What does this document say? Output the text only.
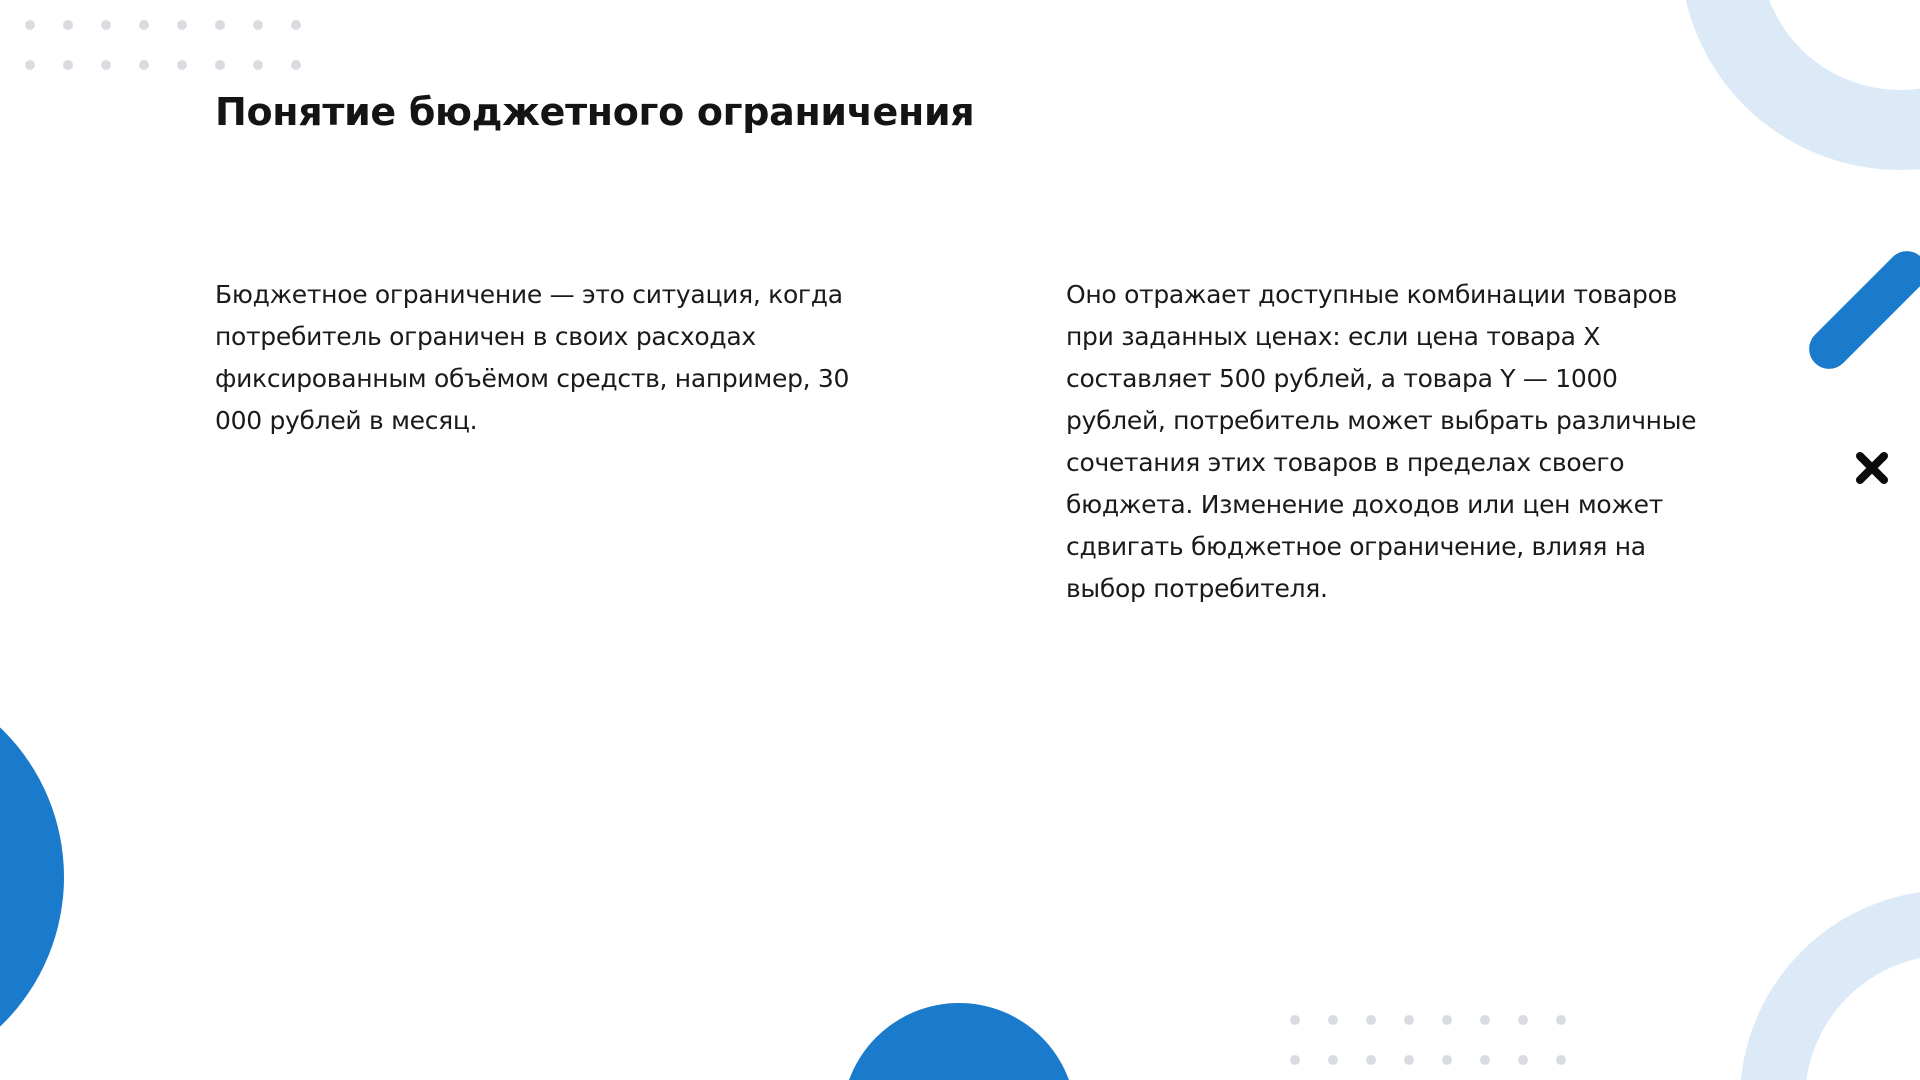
Понятие бюджетного ограничения

Бюджетное ограничение — это ситуация, когда потребитель ограничен в своих расходах фиксированным объёмом средств, например, 30 000 рублей в месяц.

Оно отражает доступные комбинации товаров при заданных ценах: если цена товара X составляет 500 рублей, а товара Y — 1000 рублей, потребитель может выбрать различные сочетания этих товаров в пределах своего бюджета. Изменение доходов или цен может сдвигать бюджетное ограничение, влияя на выбор потребителя.
